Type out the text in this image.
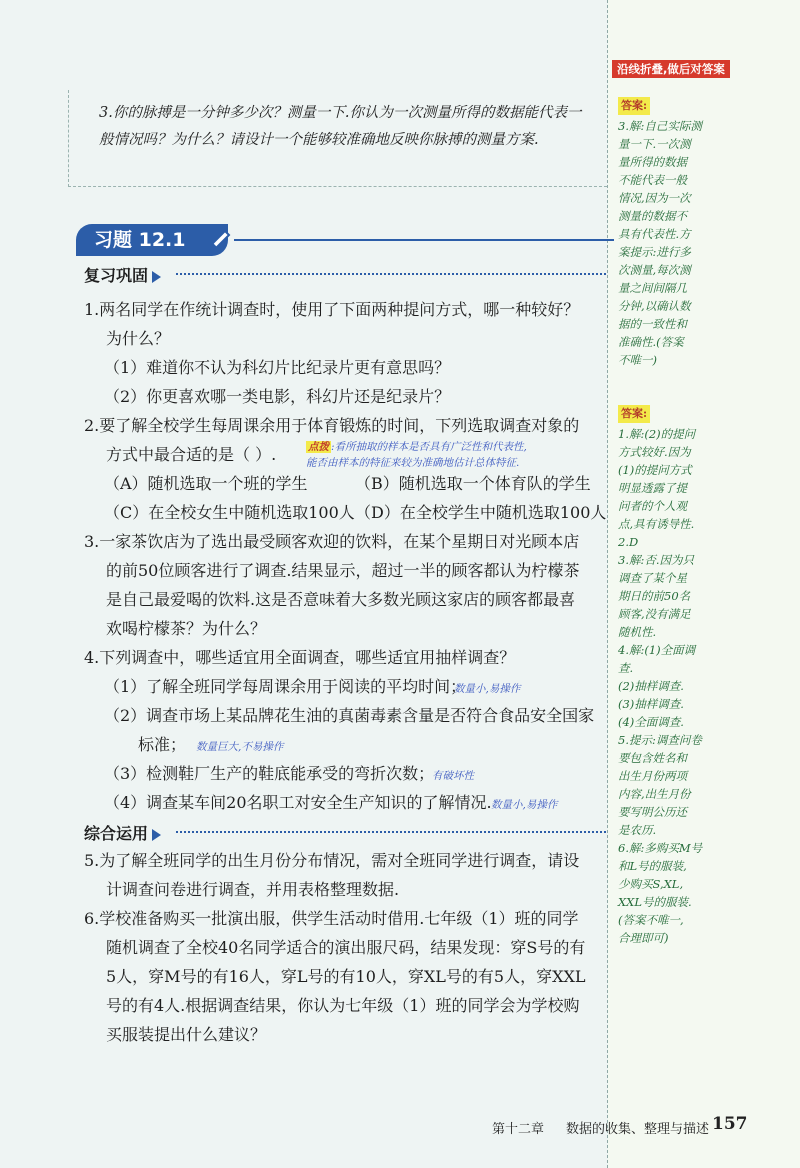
沿线折叠,做后对答案

3.你的脉搏是一分钟多少次？测量一下.你认为一次测量所得的数据能代表一般情况吗？为什么？请设计一个能够较准确地反映你脉搏的测量方案.

习题 12.1
复习巩固
1.两名同学在作统计调查时，使用了下面两种提问方式，哪一种较好？
为什么？
（1）难道你不认为科幻片比纪录片更有意思吗？
（2）你更喜欢哪一类电影，科幻片还是纪录片？
2.要了解全校学生每周课余用于体育锻炼的时间，下列选取调查对象的
方式中最合适的是（ ）.	点拨 :看所抽取的样本是否具有广泛性和代表性,
能否由样本的特征来较为准确地估计总体特征.
（A）随机选取一个班的学生	（B）随机选取一个体育队的学生
（C）在全校女生中随机选取100人 （D）在全校学生中随机选取100人
3.一家茶饮店为了选出最受顾客欢迎的饮料，在某个星期日对光顾本店
的前50位顾客进行了调查.结果显示，超过一半的顾客都认为柠檬茶
是自己最爱喝的饮料.这是否意味着大多数光顾这家店的顾客都最喜
欢喝柠檬茶？为什么？
4.下列调查中，哪些适宜用全面调查，哪些适宜用抽样调查？
（1）了解全班同学每周课余用于阅读的平均时间；
数量小,易操作
（2）调查市场上某品牌花生油的真菌毒素含量是否符合食品安全国家
标准； 数量巨大,不易操作
（3）检测鞋厂生产的鞋底能承受的弯折次数；
有破坏性
（4）调查某车间20名职工对安全生产知识的了解情况. 数量小,易操作
综合运用
5.为了解全班同学的出生月份分布情况，需对全班同学进行调查，请设
计调查问卷进行调查，并用表格整理数据.
6.学校准备购买一批演出服，供学生活动时借用.七年级（1）班的同学
随机调查了全校40名同学适合的演出服尺码，结果发现：穿S号的有
5人，穿M号的有16人，穿L号的有10人，穿XL号的有5人，穿XXL
号的有4人.根据调查结果，你认为七年级（1）班的同学会为学校购
买服装提出什么建议？
答案:
3.解:自己实际测
量一下.一次测
量所得的数据
不能代表一般
情况,因为一次
测量的数据不
具有代表性.方
案提示:进行多
次测量,每次测
量之间间隔几
分钟,以确认数
据的一致性和
准确性.(答案
不唯一)
答案:
1.解:(2)的提问
方式较好.因为
(1)的提问方式
明显透露了提
问者的个人观
点,具有诱导性.
2.D
3.解:否.因为只
调查了某个星
期日的前50名
顾客,没有满足
随机性.
4.解:(1)全面调
查.
(2)抽样调查.
(3)抽样调查.
(4)全面调查.
5.提示:调查问卷
要包含姓名和
出生月份两项
内容,出生月份
要写明公历还
是农历.
6.解:多购买M号
和L号的服装,
少购买S,XL,
XXL号的服装.
(答案不唯一,
合理即可)
第十二章 数据的收集、整理与描述 157
